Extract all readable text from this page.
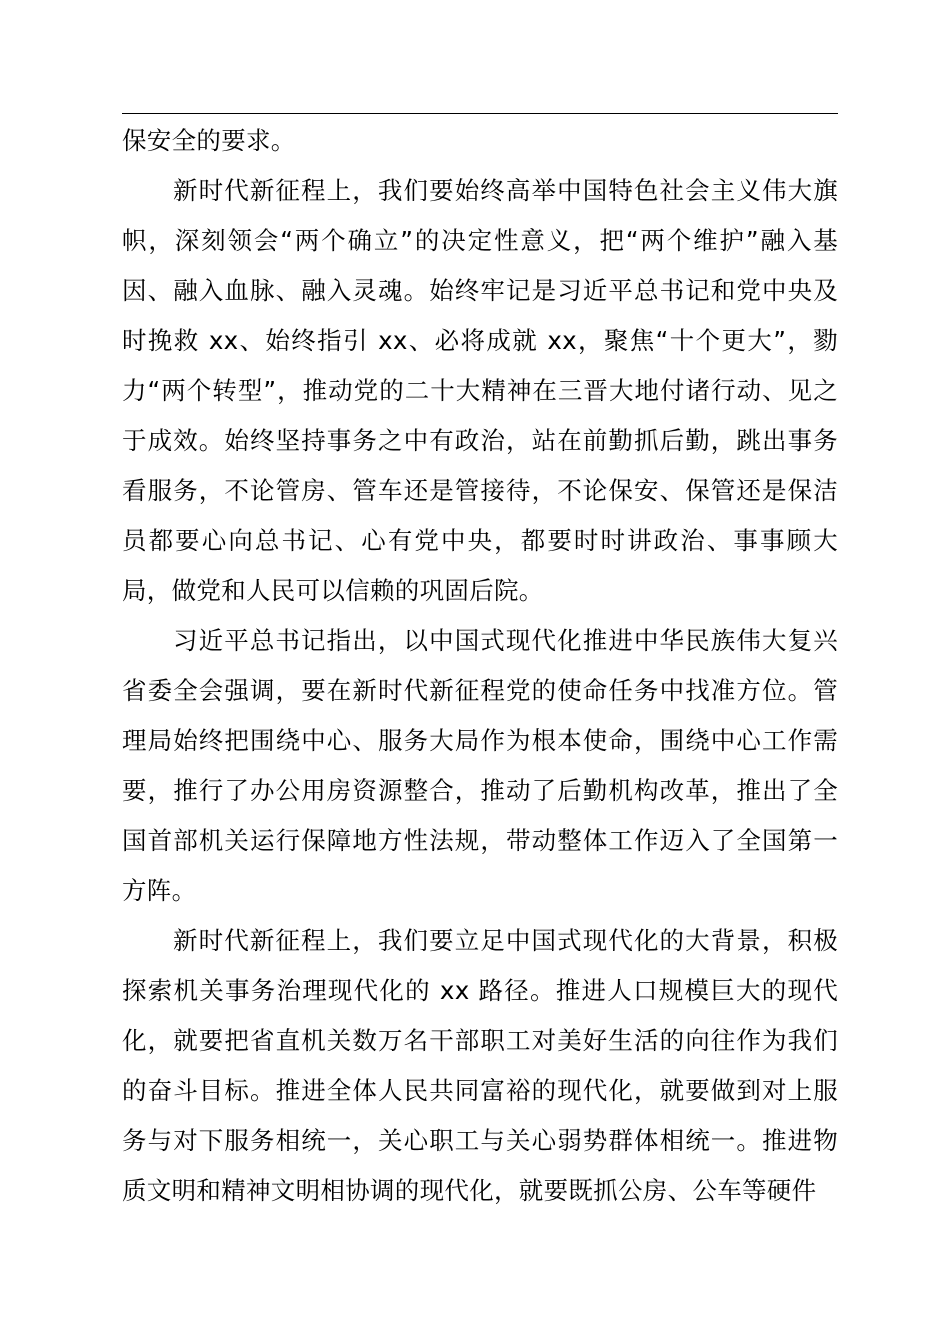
保安全的要求。

新时代新征程上，我们要始终高举中国特色社会主义伟大旗帜，深刻领会“两个确立”的决定性意义，把“两个维护”融入基因、融入血脉、融入灵魂。始终牢记是习近平总书记和党中央及时挽救 xx、始终指引 xx、必将成就 xx，聚焦“十个更大”，勠力“两个转型”，推动党的二十大精神在三晋大地付诸行动、见之于成效。始终坚持事务之中有政治，站在前勤抓后勤，跳出事务看服务，不论管房、管车还是管接待，不论保安、保管还是保洁员都要心向总书记、心有党中央，都要时时讲政治、事事顾大局，做党和人民可以信赖的巩固后院。

习近平总书记指出，以中国式现代化推进中华民族伟大复兴省委全会强调，要在新时代新征程党的使命任务中找准方位。管理局始终把围绕中心、服务大局作为根本使命，围绕中心工作需要，推行了办公用房资源整合，推动了后勤机构改革，推出了全国首部机关运行保障地方性法规，带动整体工作迈入了全国第一方阵。

新时代新征程上，我们要立足中国式现代化的大背景，积极探索机关事务治理现代化的 xx 路径。推进人口规模巨大的现代化，就要把省直机关数万名干部职工对美好生活的向往作为我们的奋斗目标。推进全体人民共同富裕的现代化，就要做到对上服务与对下服务相统一，关心职工与关心弱势群体相统一。推进物质文明和精神文明相协调的现代化，就要既抓公房、公车等硬件
